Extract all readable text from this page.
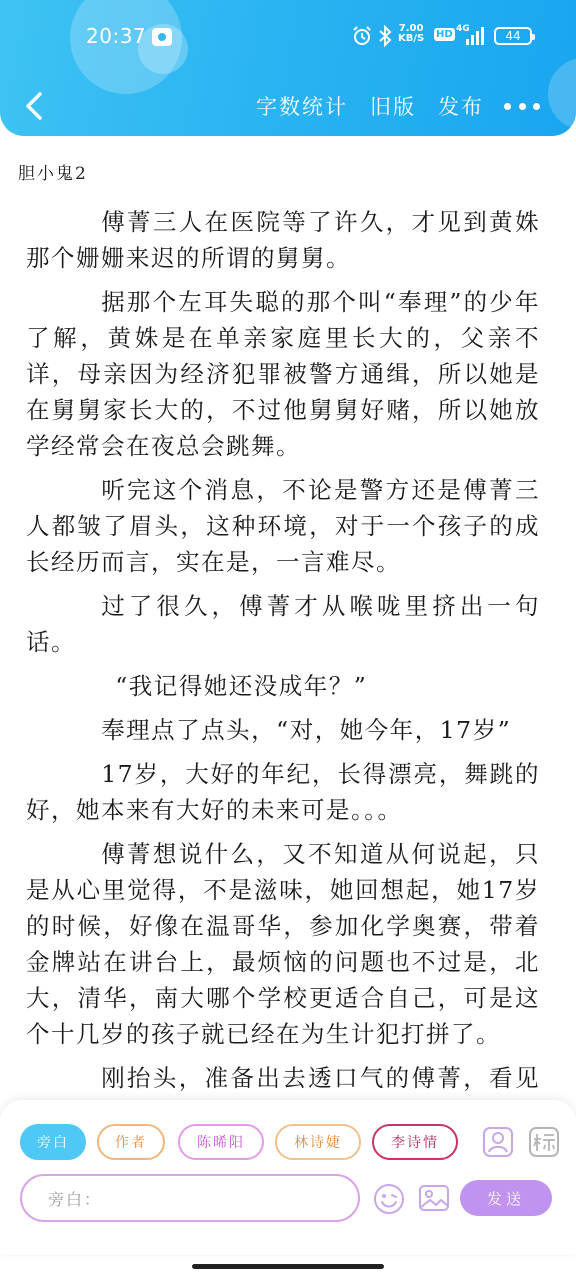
20:37	7.00
KB/S HD 4G	44
字数统计 旧版 发布
胆小鬼2

傅菁三人在医院等了许久，才见到黄姝那个姗姗来迟的所谓的舅舅。

据那个左耳失聪的那个叫“奉理”的少年了解，黄姝是在单亲家庭里长大的，父亲不详，母亲因为经济犯罪被警方通缉，所以她是在舅舅家长大的，不过他舅舅好赌，所以她放学经常会在夜总会跳舞。

听完这个消息，不论是警方还是傅菁三人都皱了眉头，这种环境，对于一个孩子的成长经历而言，实在是，一言难尽。

过了很久，傅菁才从喉咙里挤出一句话。

“我记得她还没成年？”

奉理点了点头，“对，她今年，17岁”

17岁，大好的年纪，长得漂亮，舞跳的好，她本来有大好的未来可是。。。

傅菁想说什么，又不知道从何说起，只是从心里觉得，不是滋味，她回想起，她17岁的时候，好像在温哥华，参加化学奥赛，带着金牌站在讲台上，最烦恼的问题也不过是，北大，清华，南大哪个学校更适合自己，可是这个十几岁的孩子就已经在为生计犯打拼了。

刚抬头，准备出去透口气的傅菁，看见

旁白	作者	陈晞阳	林诗婕	李诗情
旁白：	发送
